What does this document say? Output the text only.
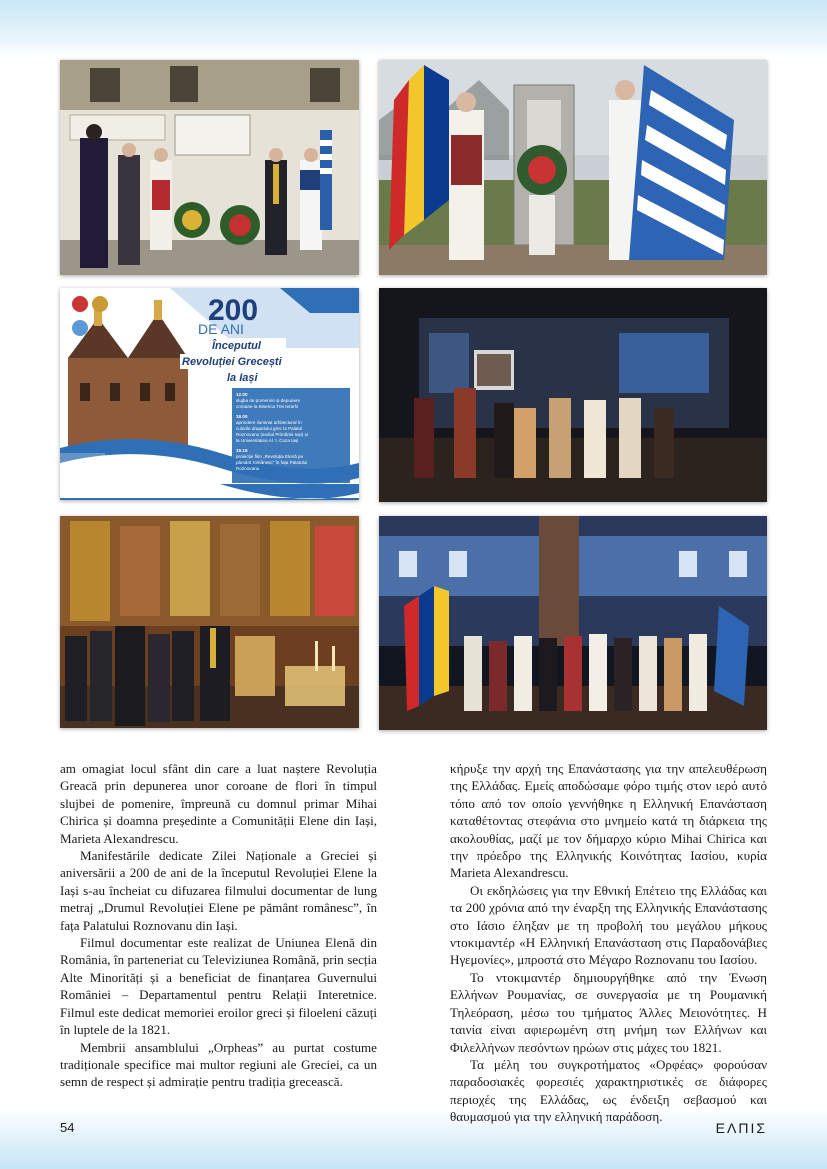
200
DE ANI
Începutul
Revoluției Grecești
la Iași 25 martie 2021
12.00
slujba de pomenire și depunere
coroane la Biserica Trei Ierarhi
19.00
aprindere iluminat arhitectural în
culorile drapelului grec la Palatul
Roznovanu (sediul Primăriei Iași) și
la Universitatea Al. I. Cuza Iași
19.15
proiecție film „Revoluția Elenă pe
pământ românesc” în fața Palatului
Roznovanu

am omagiat locul sfânt din care a luat naștere Revoluția Greacă prin depunerea unor coroane de flori în timpul slujbei de pomenire, împreună cu domnul primar Mihai Chirica și doamna președinte a Comunității Elene din Iași, Marieta Alexandrescu.

Manifestările dedicate Zilei Naționale a Greciei și aniversării a 200 de ani de la începutul Revoluției Elene la Iași s-au încheiat cu difuzarea filmului documentar de lung metraj „Drumul Revoluției Elene pe pământ românesc”, în fața Palatului Roznovanu din Iași.

Filmul documentar este realizat de Uniunea Elenă din România, în parteneriat cu Televiziunea Română, prin secția Alte Minorități și a beneficiat de finanțarea Guvernului României – Departamentul pentru Relații Interetnice. Filmul este dedicat memoriei eroilor greci și filoeleni căzuți în luptele de la 1821.

Membrii ansamblului „Orpheas” au purtat costume tradiționale specifice mai multor regiuni ale Greciei, ca un semn de respect și admirație pentru tradiția grecească.

κήρυξε την αρχή της Επανάστασης για την απελευθέρωση της Ελλάδας. Εμείς αποδώσαμε φόρο τιμής στον ιερό αυτό τόπο από τον οποίο γεννήθηκε η Ελληνική Επανάσταση καταθέτοντας στεφάνια στο μνημείο κατά τη διάρκεια της ακολουθίας, μαζί με τον δήμαρχο κύριο Mihai Chirica και την πρόεδρο της Ελληνικής Κοινότητας Ιασίου, κυρία Marieta Alexandrescu.

Οι εκδηλώσεις για την Εθνική Επέτειο της Ελλάδας και τα 200 χρόνια από την έναρξη της Ελληνικής Επανάστασης στο Ιάσιο έληξαν με τη προβολή του μεγάλου μήκους ντοκιμαντέρ «Η Ελληνική Επανάσταση στις Παραδονάβιες Ηγεμονίες», μπροστά στο Μέγαρο Roznovanu του Ιασίου.

Το ντοκιμαντέρ δημιουργήθηκε από την Ένωση Ελλήνων Ρουμανίας, σε συνεργασία με τη Ρουμανική Τηλεόραση, μέσω του τμήματος Άλλες Μειονότητες. Η ταινία είναι αφιερωμένη στη μνήμη των Ελλήνων και Φιλελλήνων πεσόντων ηρώων στις μάχες του 1821.

Τα μέλη του συγκροτήματος «Ορφέας» φορούσαν παραδοσιακές φορεσιές χαρακτηριστικές σε διάφορες περιοχές της Ελλάδας, ως ένδειξη σεβασμού και θαυμασμού για την ελληνική παράδοση.

54	ΕΛΠΙΣ
